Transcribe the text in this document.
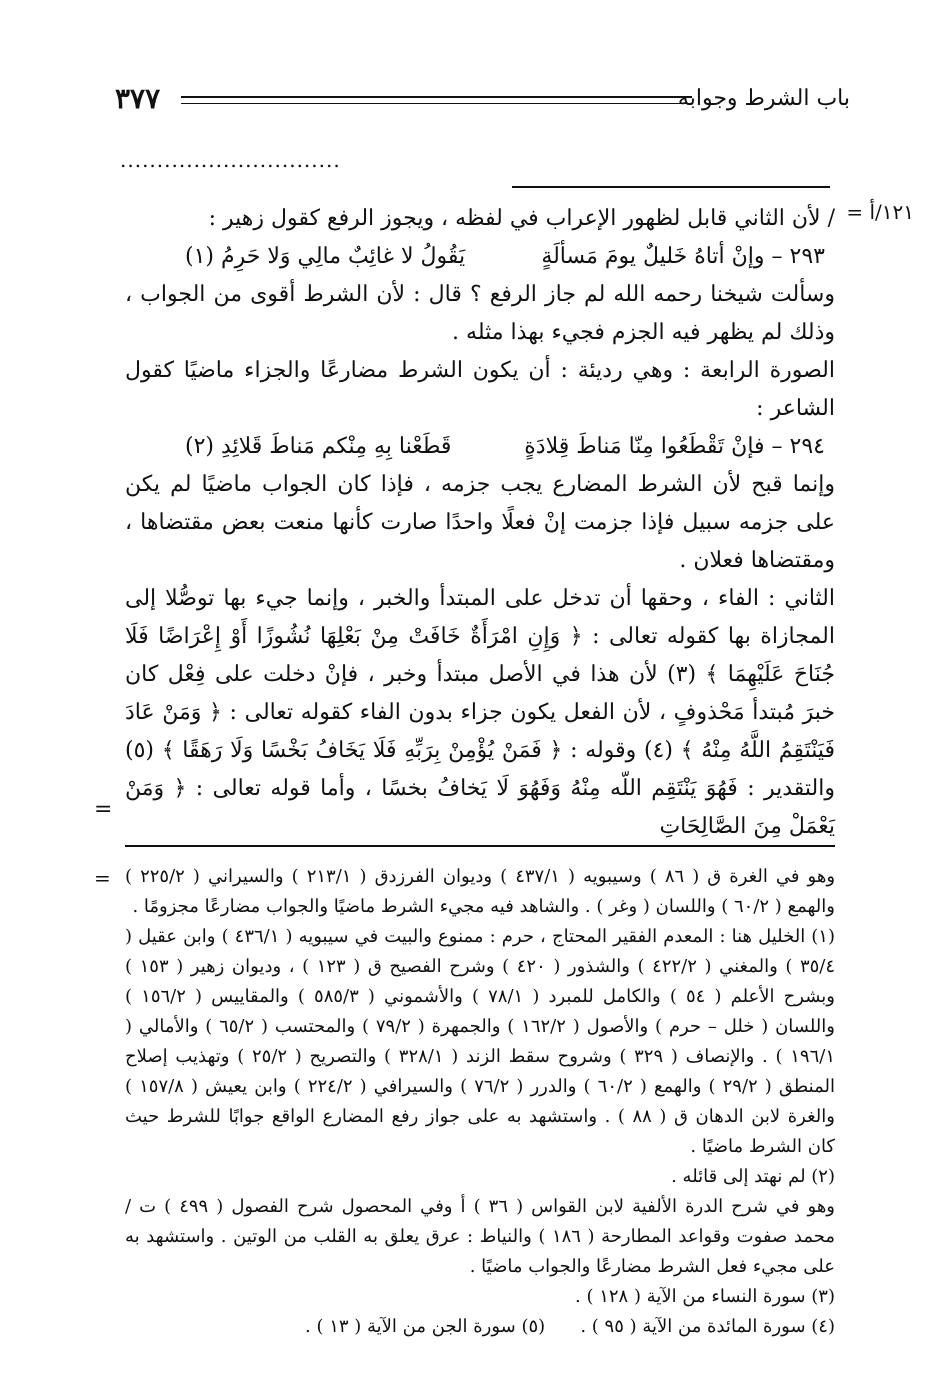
باب الشرط وجوابه
٣٧٧
..............................
١٢١/أ =
=

/ لأن الثاني قابل لظهور الإعراب في لفظه ، ويجوز الرفع كقول زهير :

٢٩٣ – وإنْ أتاهُ خَليلٌ يومَ مَسألَةٍ
يَقُولُ لا غائِبٌ مالِي وَلا حَرِمُ (١)

وسألت شيخنا رحمه الله لم جاز الرفع ؟ قال : لأن الشرط أقوى من الجواب ، وذلك لم يظهر فيه الجزم فجيء بهذا مثله .

الصورة الرابعة : وهي رديئة : أن يكون الشرط مضارعًا والجزاء ماضيًا كقول الشاعر :

٢٩٤ – فإنْ تَقْطَعُوا مِنّا مَناطَ قِلادَةٍ
قَطَعْنا بِهِ مِنْكم مَناطَ قَلائِدِ (٢)

وإنما قبح لأن الشرط المضارع يجب جزمه ، فإذا كان الجواب ماضيًا لم يكن على جزمه سبيل فإذا جزمت إنْ فعلًا واحدًا صارت كأنها منعت بعض مقتضاها ، ومقتضاها فعلان .

الثاني : الفاء ، وحقها أن تدخل على المبتدأ والخبر ، وإنما جيء بها توصُّلا إلى المجازاة بها كقوله تعالى : ﴿ وَإِنِ امْرَأَةٌ خَافَتْ مِنْ بَعْلِهَا نُشُوزًا أَوْ إِعْرَاضًا فَلَا جُنَاحَ عَلَيْهِمَا ﴾ (٣) لأن هذا في الأصل مبتدأ وخبر ، فإنْ دخلت على فِعْل كان خبرَ مُبتدأ مَحْذوفٍ ، لأن الفعل يكون جزاء بدون الفاء كقوله تعالى : ﴿ وَمَنْ عَادَ فَيَنْتَقِمُ اللَّهُ مِنْهُ ﴾ (٤) وقوله : ﴿ فَمَنْ يُؤْمِنْ بِرَبِّهِ فَلَا يَخَافُ بَخْسًا وَلَا رَهَقًا ﴾ (٥) والتقدير : فَهُوَ يَنْتَقِم اللّه مِنْهُ وَفَهُوَ لَا يَخافُ بخسًا ، وأما قوله تعالى : ﴿ وَمَنْ يَعْمَلْ مِنَ الصَّالِحَاتِ

= وهو في الغرة ق ( ٨٦ ) وسيبويه ( ٤٣٧/١ ) وديوان الفرزدق ( ٢١٣/١ ) والسيراني ( ٢٢٥/٢ ) والهمع ( ٦٠/٢ ) واللسان ( وغر ) . والشاهد فيه مجيء الشرط ماضيًا والجواب مضارعًا مجزومًا .

(١) الخليل هنا : المعدم الفقير المحتاج ، حرم : ممنوع والبيت في سيبويه ( ٤٣٦/١ ) وابن عقيل ( ٣٥/٤ ) والمغني ( ٤٢٢/٢ ) والشذور ( ٤٢٠ ) وشرح الفصيح ق ( ١٢٣ ) ، وديوان زهير ( ١٥٣ ) وبشرح الأعلم ( ٥٤ ) والكامل للمبرد ( ٧٨/١ ) والأشموني ( ٥٨٥/٣ ) والمقاييس ( ١٥٦/٢ ) واللسان ( خلل – حرم ) والأصول ( ١٦٢/٢ ) والجمهرة ( ٧٩/٢ ) والمحتسب ( ٦٥/٢ ) والأمالي ( ١٩٦/١ ) . والإنصاف ( ٣٢٩ ) وشروح سقط الزند ( ٣٢٨/١ ) والتصريح ( ٢٥/٢ ) وتهذيب إصلاح المنطق ( ٢٩/٢ ) والهمع ( ٦٠/٢ ) والدرر ( ٧٦/٢ ) والسيرافي ( ٢٢٤/٢ ) وابن يعيش ( ١٥٧/٨ ) والغرة لابن الدهان ق ( ٨٨ ) . واستشهد به على جواز رفع المضارع الواقع جوابًا للشرط حيث كان الشرط ماضيًا .

(٢) لم نهتد إلى قائله .

وهو في شرح الدرة الألفية لابن القواس ( ٣٦ ) أ وفي المحصول شرح الفصول ( ٤٩٩ ) ت / محمد صفوت وقواعد المطارحة ( ١٨٦ ) والنياط : عرق يعلق به القلب من الوتين . واستشهد به على مجيء فعل الشرط مضارعًا والجواب ماضيًا .

(٣) سورة النساء من الآية ( ١٢٨ ) .
(٤) سورة المائدة من الآية ( ٩٥ ) .
(٥) سورة الجن من الآية ( ١٣ ) .
